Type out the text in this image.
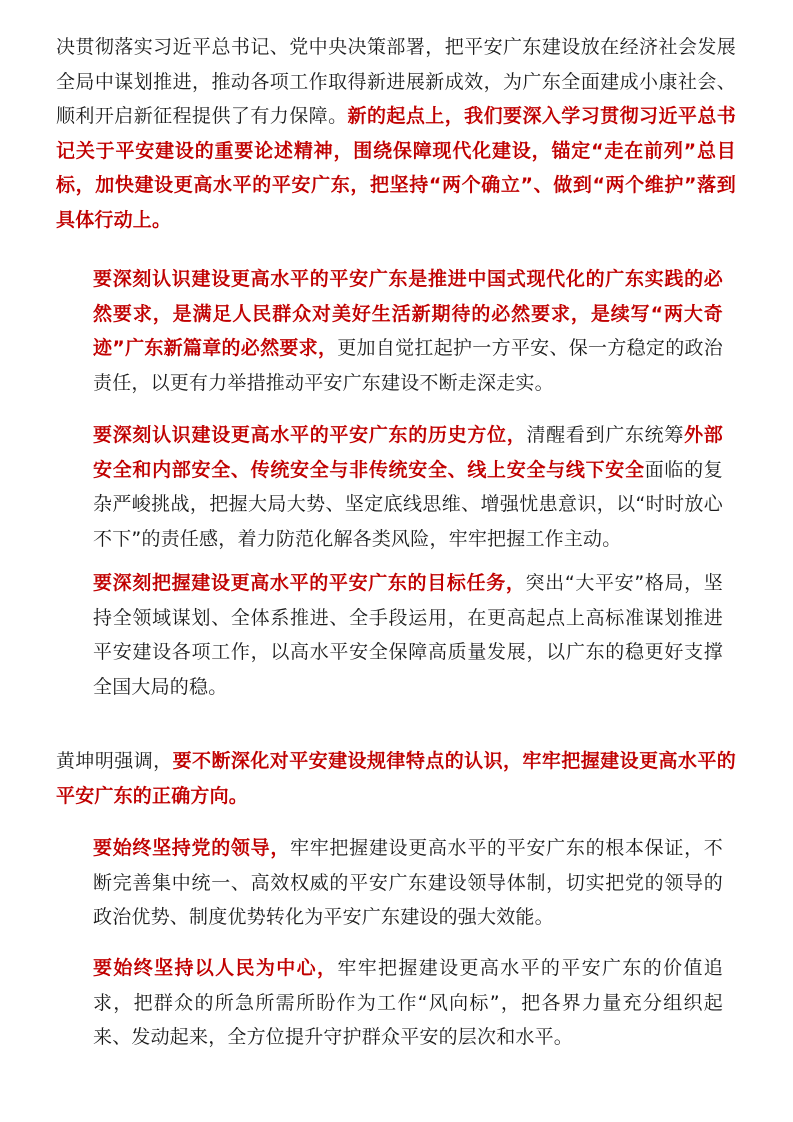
决贯彻落实习近平总书记、党中央决策部署，把平安广东建设放在经济社会发展全局中谋划推进，推动各项工作取得新进展新成效，为广东全面建成小康社会、顺利开启新征程提供了有力保障。新的起点上，我们要深入学习贯彻习近平总书记关于平安建设的重要论述精神，围绕保障现代化建设，锚定“走在前列”总目标，加快建设更高水平的平安广东，把坚持“两个确立”、做到“两个维护”落到具体行动上。

要深刻认识建设更高水平的平安广东是推进中国式现代化的广东实践的必然要求，是满足人民群众对美好生活新期待的必然要求，是续写“两大奇迹”广东新篇章的必然要求，更加自觉扛起护一方平安、保一方稳定的政治责任，以更有力举措推动平安广东建设不断走深走实。

要深刻认识建设更高水平的平安广东的历史方位，清醒看到广东统筹外部安全和内部安全、传统安全与非传统安全、线上安全与线下安全面临的复杂严峻挑战，把握大局大势、坚定底线思维、增强忧患意识，以“时时放心不下”的责任感，着力防范化解各类风险，牢牢把握工作主动。

要深刻把握建设更高水平的平安广东的目标任务，突出“大平安”格局，坚持全领域谋划、全体系推进、全手段运用，在更高起点上高标准谋划推进平安建设各项工作，以高水平安全保障高质量发展，以广东的稳更好支撑全国大局的稳。

黄坤明强调，要不断深化对平安建设规律特点的认识，牢牢把握建设更高水平的平安广东的正确方向。

要始终坚持党的领导，牢牢把握建设更高水平的平安广东的根本保证，不断完善集中统一、高效权威的平安广东建设领导体制，切实把党的领导的政治优势、制度优势转化为平安广东建设的强大效能。

要始终坚持以人民为中心，牢牢把握建设更高水平的平安广东的价值追求，把群众的所急所需所盼作为工作“风向标”，把各界力量充分组织起来、发动起来，全方位提升守护群众平安的层次和水平。
